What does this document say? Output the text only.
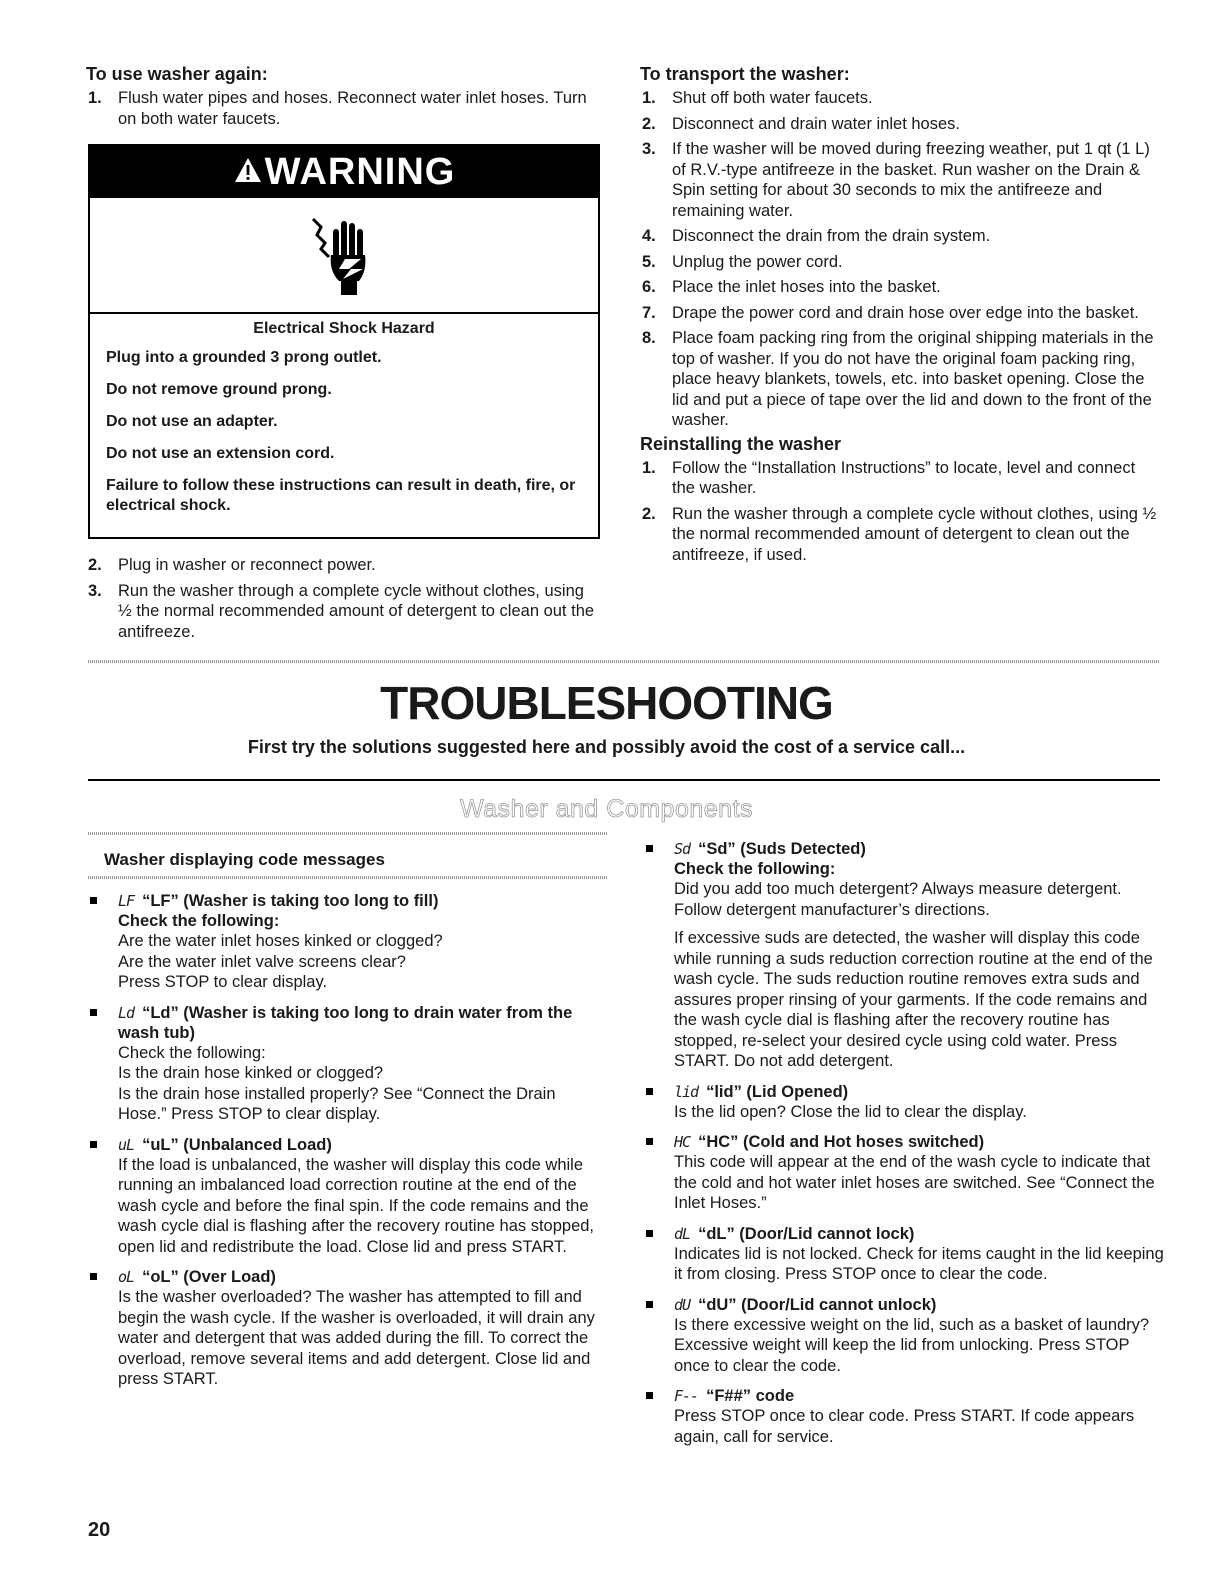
To use washer again:
1. Flush water pipes and hoses. Reconnect water inlet hoses. Turn on both water faucets.
WARNING
Electrical Shock Hazard

Plug into a grounded 3 prong outlet.

Do not remove ground prong.

Do not use an adapter.

Do not use an extension cord.

Failure to follow these instructions can result in death, fire, or electrical shock.

2. Plug in washer or reconnect power.
3. Run the washer through a complete cycle without clothes, using ½ the normal recommended amount of detergent to clean out the antifreeze.
To transport the washer:
1. Shut off both water faucets.
2. Disconnect and drain water inlet hoses.
3. If the washer will be moved during freezing weather, put 1 qt (1 L) of R.V.-type antifreeze in the basket. Run washer on the Drain & Spin setting for about 30 seconds to mix the antifreeze and remaining water.
4. Disconnect the drain from the drain system.
5. Unplug the power cord.
6. Place the inlet hoses into the basket.
7. Drape the power cord and drain hose over edge into the basket.
8. Place foam packing ring from the original shipping materials in the top of washer. If you do not have the original foam packing ring, place heavy blankets, towels, etc. into basket opening. Close the lid and put a piece of tape over the lid and down to the front of the washer.
Reinstalling the washer
1. Follow the “Installation Instructions” to locate, level and connect the washer.
2. Run the washer through a complete cycle without clothes, using ½ the normal recommended amount of detergent to clean out the antifreeze, if used.
TROUBLESHOOTING
First try the solutions suggested here and possibly avoid the cost of a service call...
Washer and Components
Washer displaying code messages
LF “LF” (Washer is taking too long to fill)
Check the following:
Are the water inlet hoses kinked or clogged?
Are the water inlet valve screens clear?
Press STOP to clear display.
Ld “Ld” (Washer is taking too long to drain water from the wash tub)
Check the following:
Is the drain hose kinked or clogged?
Is the drain hose installed properly? See “Connect the Drain Hose.” Press STOP to clear display.
uL “uL” (Unbalanced Load)
If the load is unbalanced, the washer will display this code while running an imbalanced load correction routine at the end of the wash cycle and before the final spin. If the code remains and the wash cycle dial is flashing after the recovery routine has stopped, open lid and redistribute the load. Close lid and press START.
oL “oL” (Over Load)
Is the washer overloaded? The washer has attempted to fill and begin the wash cycle. If the washer is overloaded, it will drain any water and detergent that was added during the fill. To correct the overload, remove several items and add detergent. Close lid and press START.
Sd “Sd” (Suds Detected)
Check the following:
Did you add too much detergent? Always measure detergent. Follow detergent manufacturer’s directions.
If excessive suds are detected, the washer will display this code while running a suds reduction correction routine at the end of the wash cycle. The suds reduction routine removes extra suds and assures proper rinsing of your garments. If the code remains and the wash cycle dial is flashing after the recovery routine has stopped, re-select your desired cycle using cold water. Press START. Do not add detergent.
lid “lid” (Lid Opened)
Is the lid open? Close the lid to clear the display.
HC “HC” (Cold and Hot hoses switched)
This code will appear at the end of the wash cycle to indicate that the cold and hot water inlet hoses are switched. See “Connect the Inlet Hoses.”
dL “dL” (Door/Lid cannot lock)
Indicates lid is not locked. Check for items caught in the lid keeping it from closing. Press STOP once to clear the code.
dU “dU” (Door/Lid cannot unlock)
Is there excessive weight on the lid, such as a basket of laundry? Excessive weight will keep the lid from unlocking. Press STOP once to clear the code.
F-- “F##” code
Press STOP once to clear code. Press START. If code appears again, call for service.
20
